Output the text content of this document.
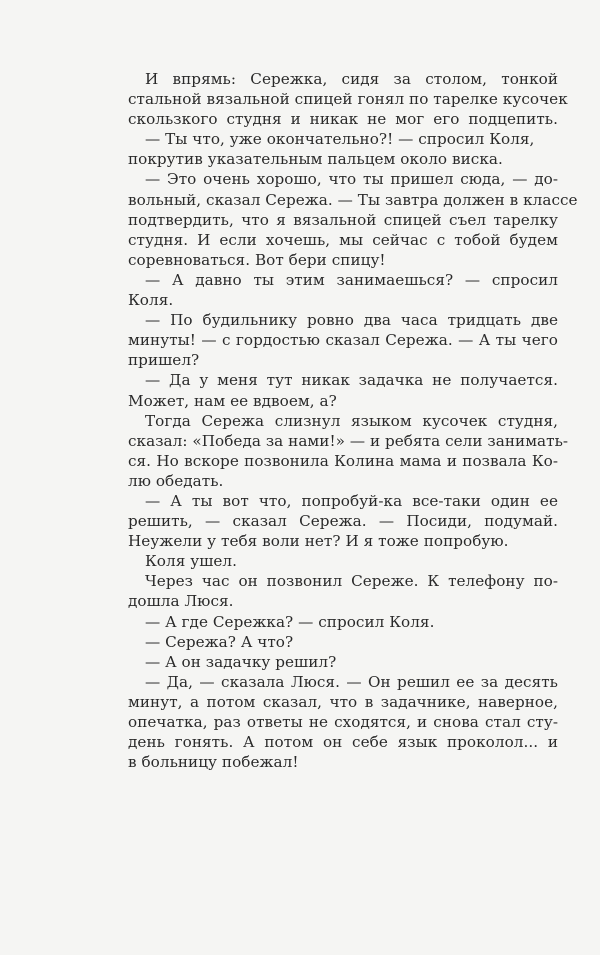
И впрямь: Сережка, сидя за столом, тонкой
стальной вязальной спицей гонял по тарелке кусочек
скользкого студня и никак не мог его подцепить.
— Ты что, уже окончательно?! — спросил Коля,
покрутив указательным пальцем около виска.
— Это очень хорошо, что ты пришел сюда, — до-
вольный, сказал Сережа. — Ты завтра должен в классе
подтвердить, что я вязальной спицей съел тарелку
студня. И если хочешь, мы сейчас с тобой будем
соревноваться. Вот бери спицу!
— А давно ты этим занимаешься? — спросил
Коля.
— По будильнику ровно два часа тридцать две
минуты! — с гордостью сказал Сережа. — А ты чего
пришел?
— Да у меня тут никак задачка не получается.
Может, нам ее вдвоем, а?
Тогда Сережа слизнул языком кусочек студня,
сказал: «Победа за нами!» — и ребята сели занимать-
ся. Но вскоре позвонила Колина мама и позвала Ко-
лю обедать.
— А ты вот что, попробуй-ка все-таки один ее
решить, — сказал Сережа. — Посиди, подумай.
Неужели у тебя воли нет? И я тоже попробую.
Коля ушел.
Через час он позвонил Сереже. К телефону по-
дошла Люся.
— А где Сережка? — спросил Коля.
— Сережа? А что?
— А он задачку решил?
— Да, — сказала Люся. — Он решил ее за десять
минут, а потом сказал, что в задачнике, наверное,
опечатка, раз ответы не сходятся, и снова стал сту-
день гонять. А потом он себе язык проколол... и
в больницу побежал!
